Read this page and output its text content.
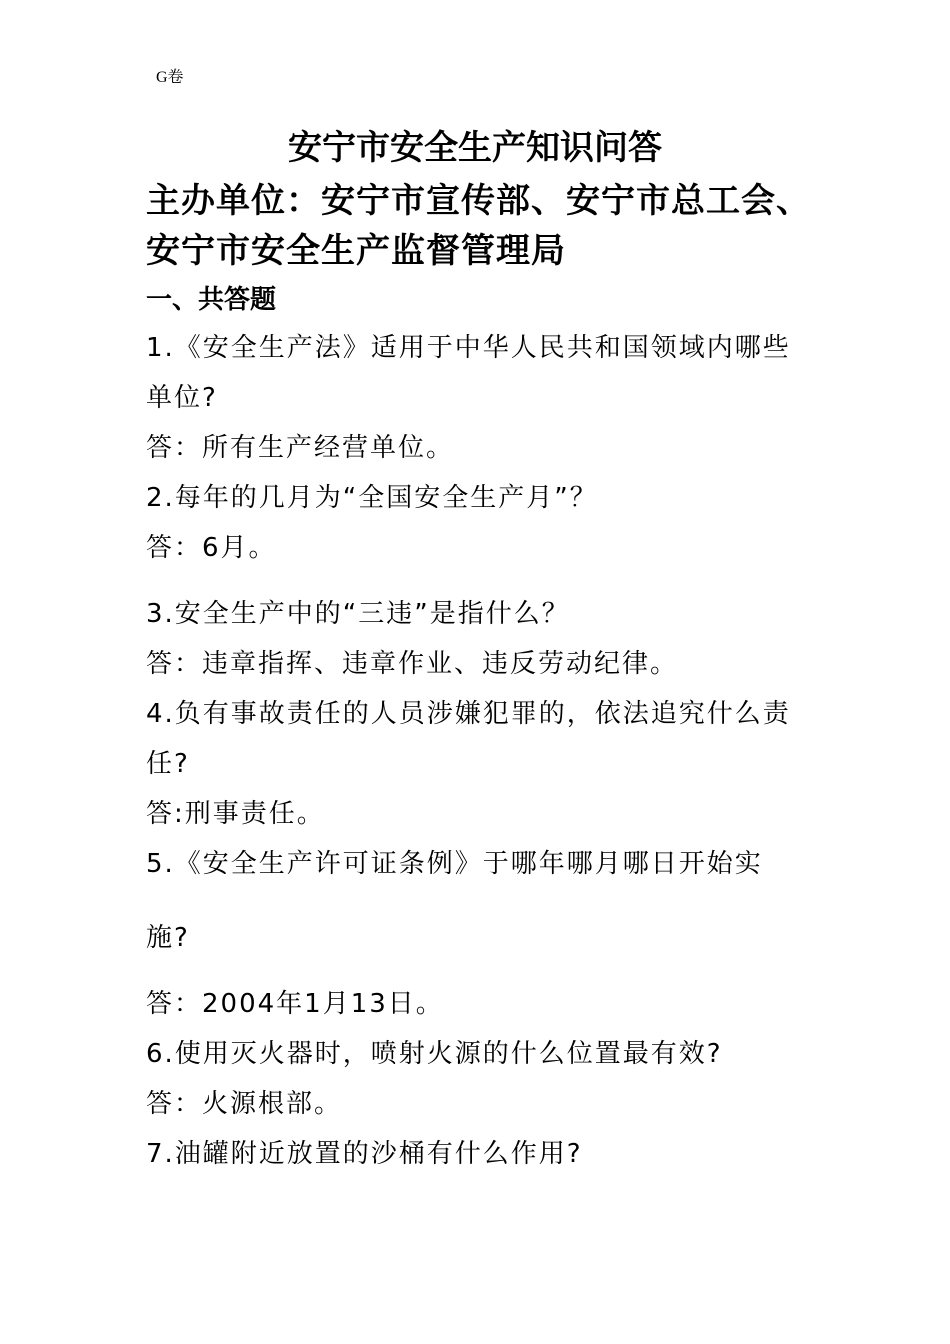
G卷
安宁市安全生产知识问答
主办单位：安宁市宣传部、安宁市总工会、
安宁市安全生产监督管理局
一、共答题
1.《安全生产法》适用于中华人民共和国领域内哪些
单位?
答：所有生产经营单位。
2.每年的几月为“全国安全生产月”？
答：6月。
3.安全生产中的“三违”是指什么？
答：违章指挥、违章作业、违反劳动纪律。
4.负有事故责任的人员涉嫌犯罪的，依法追究什么责
任?
答:刑事责任。
5.《安全生产许可证条例》于哪年哪月哪日开始实
施?
答：2004年1月13日。
6.使用灭火器时，喷射火源的什么位置最有效?
答：火源根部。
7.油罐附近放置的沙桶有什么作用?
